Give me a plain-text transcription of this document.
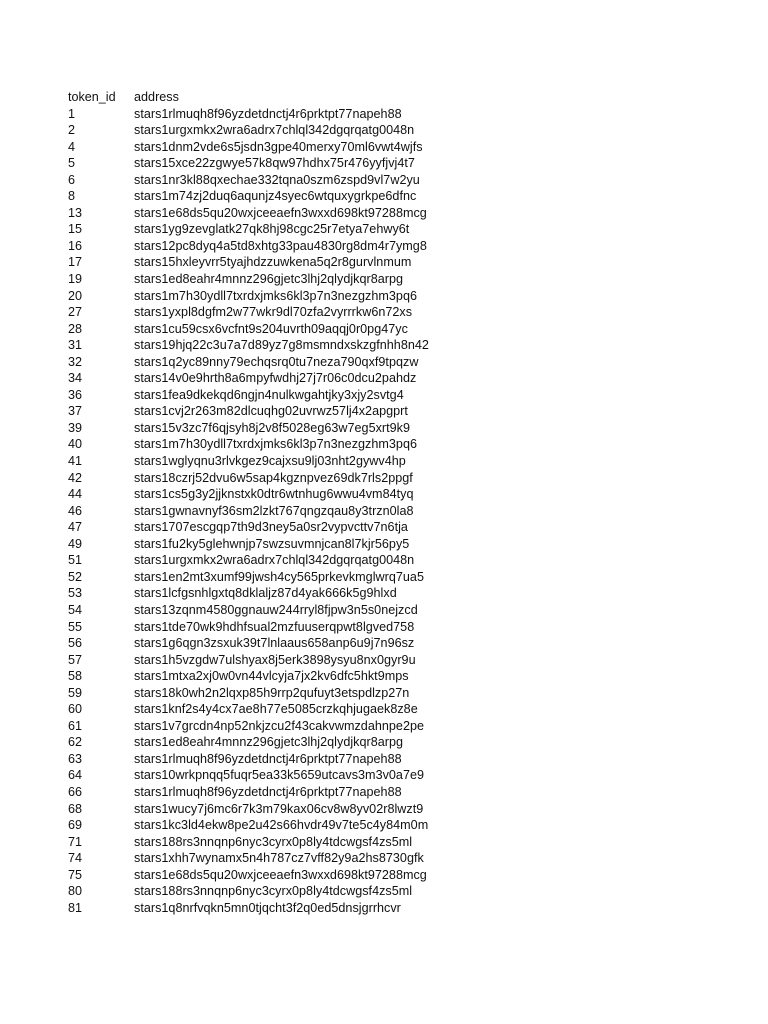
token_id	address
1	stars1rlmuqh8f96yzdetdnctj4r6prktpt77napeh88
2	stars1urgxmkx2wra6adrx7chlql342dgqrqatg0048n
4	stars1dnm2vde6s5jsdn3gpe40merxy70ml6vwt4wjfs
5	stars15xce22zgwye57k8qw97hdhx75r476yyfjvj4t7
6	stars1nr3kl88qxechae332tqna0szm6zspd9vl7w2yu
8	stars1m74zj2duq6aqunjz4syec6wtquxygrkpe6dfnc
13	stars1e68ds5qu20wxjceeaefn3wxxd698kt97288mcg
15	stars1yg9zevglatk27qk8hj98cgc25r7etya7ehwy6t
16	stars12pc8dyq4a5td8xhtg33pau4830rg8dm4r7ymg8
17	stars15hxleyvrr5tyajhdzzuwkena5q2r8gurvlnmum
19	stars1ed8eahr4mnnz296gjetc3lhj2qlydjkqr8arpg
20	stars1m7h30ydll7txrdxjmks6kl3p7n3nezgzhm3pq6
27	stars1yxpl8dgfm2w77wkr9dl70zfa2vyrrrkw6n72xs
28	stars1cu59csx6vcfnt9s204uvrth09aqqj0r0pg47yc
31	stars19hjq22c3u7a7d89yz7g8msmndxskzgfnhh8n42
32	stars1q2yc89nny79echqsrq0tu7neza790qxf9tpqzw
34	stars14v0e9hrth8a6mpyfwdhj27j7r06c0dcu2pahdz
36	stars1fea9dkekqd6ngjn4nulkwgahtjky3xjy2svtg4
37	stars1cvj2r263m82dlcuqhg02uvrwz57lj4x2apgprt
39	stars15v3zc7f6qjsyh8j2v8f5028eg63w7eg5xrt9k9
40	stars1m7h30ydll7txrdxjmks6kl3p7n3nezgzhm3pq6
41	stars1wglyqnu3rlvkgez9cajxsu9lj03nht2gywv4hp
42	stars18czrj52dvu6w5sap4kgznpvez69dk7rls2ppgf
44	stars1cs5g3y2jjknstxk0dtr6wtnhug6wwu4vm84tyq
46	stars1gwnavnyf36sm2lzkt767qngzqau8y3trzn0la8
47	stars1707escgqp7th9d3ney5a0sr2vypvcttv7n6tja
49	stars1fu2ky5glehwnjp7swzsuvmnjcan8l7kjr56py5
51	stars1urgxmkx2wra6adrx7chlql342dgqrqatg0048n
52	stars1en2mt3xumf99jwsh4cy565prkevkmglwrq7ua5
53	stars1lcfgsnhlgxtq8dklaljz87d4yak666k5g9hlxd
54	stars13zqnm4580ggnauw244rryl8fjpw3n5s0nejzcd
55	stars1tde70wk9hdhfsual2mzfuuserqpwt8lgved758
56	stars1g6qgn3zsxuk39t7lnlaaus658anp6u9j7n96sz
57	stars1h5vzgdw7ulshyax8j5erk3898ysyu8nx0gyr9u
58	stars1mtxa2xj0w0vn44vlcyja7jx2kv6dfc5hkt9mps
59	stars18k0wh2n2lqxp85h9rrp2qufuyt3etspdlzp27n
60	stars1knf2s4y4cx7ae8h77e5085crzkqhjugaek8z8e
61	stars1v7grcdn4np52nkjzcu2f43cakvwmzdahnpe2pe
62	stars1ed8eahr4mnnz296gjetc3lhj2qlydjkqr8arpg
63	stars1rlmuqh8f96yzdetdnctj4r6prktpt77napeh88
64	stars10wrkpnqq5fuqr5ea33k5659utcavs3m3v0a7e9
66	stars1rlmuqh8f96yzdetdnctj4r6prktpt77napeh88
68	stars1wucy7j6mc6r7k3m79kax06cv8w8yv02r8lwzt9
69	stars1kc3ld4ekw8pe2u42s66hvdr49v7te5c4y84m0m
71	stars188rs3nnqnp6nyc3cyrx0p8ly4tdcwgsf4zs5ml
74	stars1xhh7wynamx5n4h787cz7vff82y9a2hs8730gfk
75	stars1e68ds5qu20wxjceeaefn3wxxd698kt97288mcg
80	stars188rs3nnqnp6nyc3cyrx0p8ly4tdcwgsf4zs5ml
81	stars1q8nrfvqkn5mn0tjqcht3f2q0ed5dnsjgrrhcvr
